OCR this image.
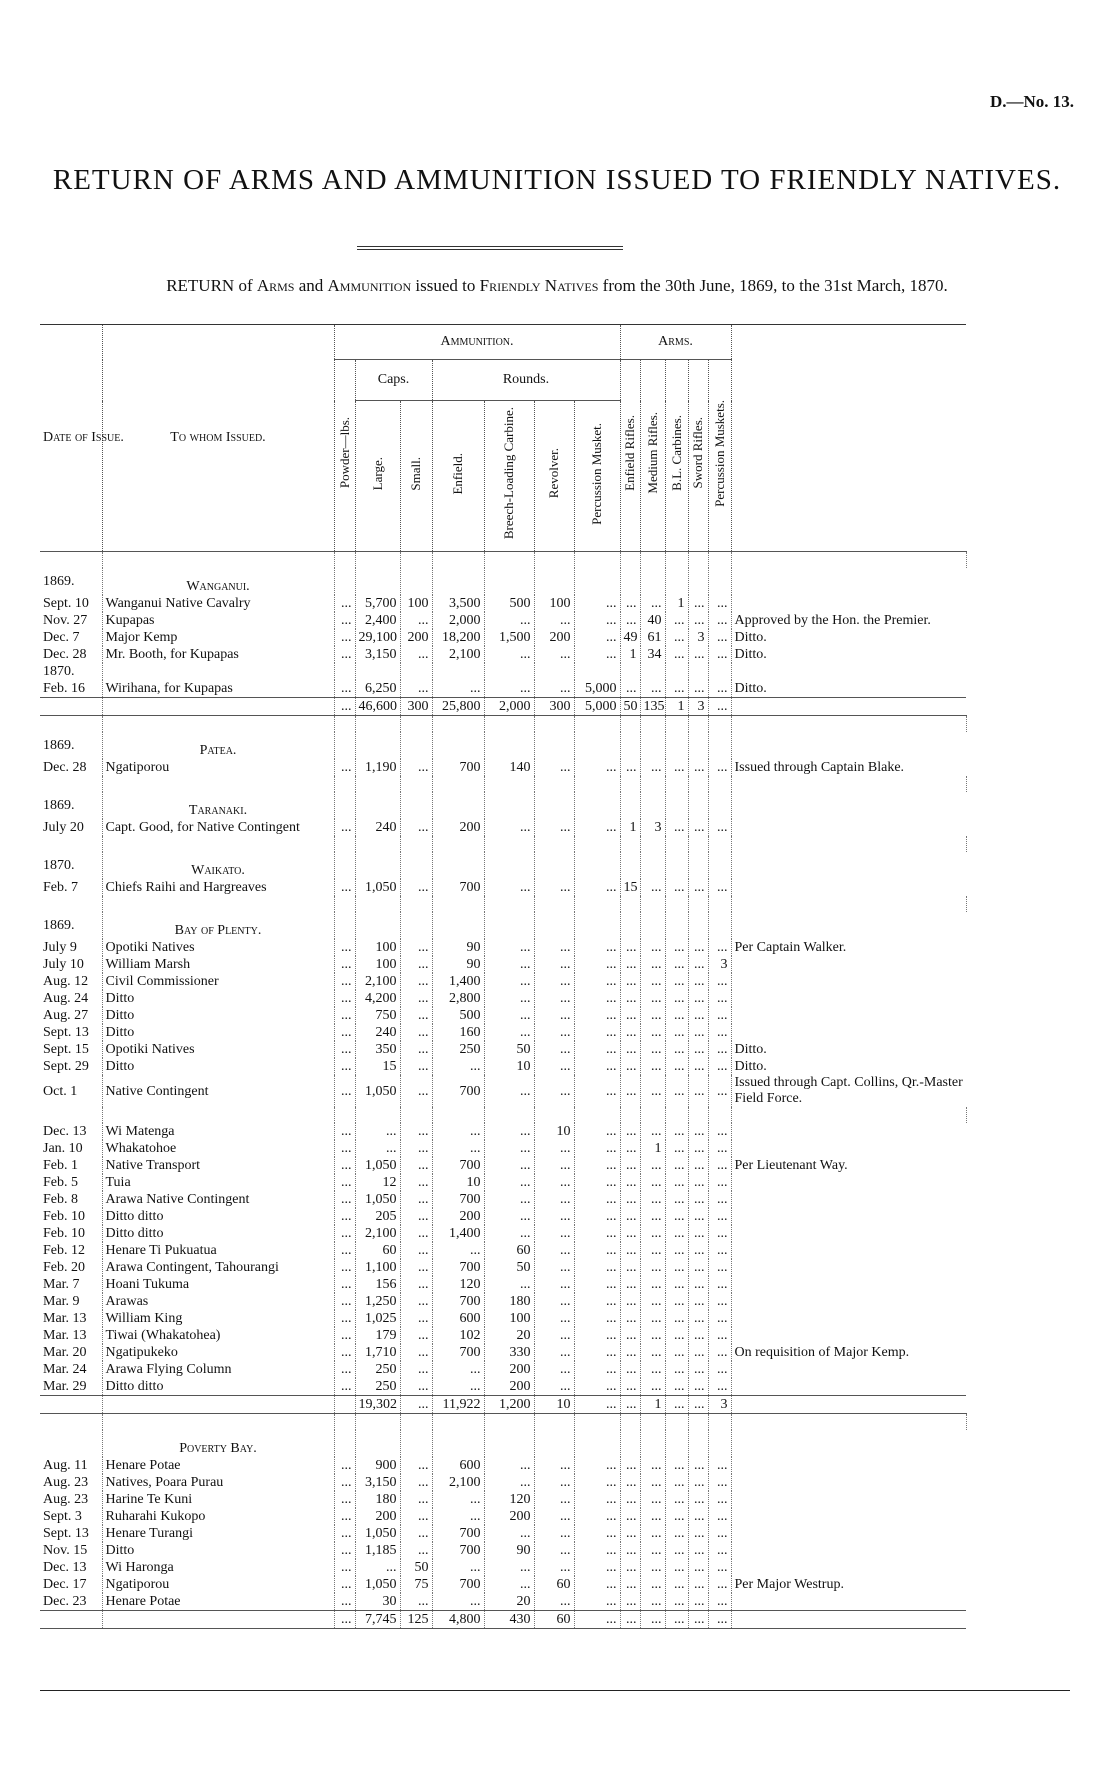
D.—No. 13.
RETURN OF ARMS AND AMMUNITION ISSUED TO FRIENDLY NATIVES.
RETURN of Arms and Ammunition issued to Friendly Natives from the 30th June, 1869, to the 31st March, 1870.
Date of Issue.	To whom Issued.	Ammunition.							Arms.					
		Powder—lbs.	Caps.		Rounds.				Enfield Rifles.	Medium Rifles.	B.L. Carbines.	Sword Rifles.	Percussion Muskets.	
			Large.	Small.	Enfield.	Breech-Loading Carbine.	Revolver.	Percussion Musket.						

1869.	Wanganui.													
Sept. 10	Wanganui Native Cavalry	...	5,700	100	3,500	500	100	...	...	...	1	...	...	
Nov. 27	Kupapas	...	2,400	...	2,000	...	...	...	...	40	...	...	...	Approved by the Hon. the Premier.
Dec. 7	Major Kemp	...	29,100	200	18,200	1,500	200	...	49	61	...	3	...	Ditto.
Dec. 28	Mr. Booth, for Kupapas	...	3,150	...	2,100	...	...	...	1	34	...	...	...	Ditto.
1870.														
Feb. 16	Wirihana, for Kupapas	...	6,250	...	...	...	...	5,000	...	...	...	...	...	Ditto.
		...	46,600	300	25,800	2,000	300	5,000	50	135	1	3	...	

1869.	Patea.													
Dec. 28	Ngatiporou	...	1,190	...	700	140	...	...	...	...	...	...	...	Issued through Captain Blake.

1869.	Taranaki.													
July 20	Capt. Good, for Native Contingent	...	240	...	200	...	...	...	1	3	...	...	...	

1870.	Waikato.													
Feb. 7	Chiefs Raihi and Hargreaves	...	1,050	...	700	...	...	...	15	...	...	...	...	

1869.	Bay of Plenty.													
July 9	Opotiki Natives	...	100	...	90	...	...	...	...	...	...	...	...	Per Captain Walker.
July 10	William Marsh	...	100	...	90	...	...	...	...	...	...	...	3	
Aug. 12	Civil Commissioner	...	2,100	...	1,400	...	...	...	...	...	...	...	...	
Aug. 24	Ditto	...	4,200	...	2,800	...	...	...	...	...	...	...	...	
Aug. 27	Ditto	...	750	...	500	...	...	...	...	...	...	...	...	
Sept. 13	Ditto	...	240	...	160	...	...	...	...	...	...	...	...	
Sept. 15	Opotiki Natives	...	350	...	250	50	...	...	...	...	...	...	...	Ditto.
Sept. 29	Ditto	...	15	...	...	10	...	...	...	...	...	...	...	Ditto.
Oct. 1	Native Contingent	...	1,050	...	700	...	...	...	...	...	...	...	...	Issued through Capt. Collins, Qr.-Master Field Force.

Dec. 13	Wi Matenga	...	...	...	...	...	10	...	...	...	...	...	...	
Jan. 10	Whakatohoe	...	...	...	...	...	...	...	...	1	...	...	...	
Feb. 1	Native Transport	...	1,050	...	700	...	...	...	...	...	...	...	...	Per Lieutenant Way.
Feb. 5	Tuia	...	12	...	10	...	...	...	...	...	...	...	...	
Feb. 8	Arawa Native Contingent	...	1,050	...	700	...	...	...	...	...	...	...	...	
Feb. 10	Ditto ditto	...	205	...	200	...	...	...	...	...	...	...	...	
Feb. 10	Ditto ditto	...	2,100	...	1,400	...	...	...	...	...	...	...	...	
Feb. 12	Henare Ti Pukuatua	...	60	...	...	60	...	...	...	...	...	...	...	
Feb. 20	Arawa Contingent, Tahourangi	...	1,100	...	700	50	...	...	...	...	...	...	...	
Mar. 7	Hoani Tukuma	...	156	...	120	...	...	...	...	...	...	...	...	
Mar. 9	Arawas	...	1,250	...	700	180	...	...	...	...	...	...	...	
Mar. 13	William King	...	1,025	...	600	100	...	...	...	...	...	...	...	
Mar. 13	Tiwai (Whakatohea)	...	179	...	102	20	...	...	...	...	...	...	...	
Mar. 20	Ngatipukeko	...	1,710	...	700	330	...	...	...	...	...	...	...	On requisition of Major Kemp.
Mar. 24	Arawa Flying Column	...	250	...	...	200	...	...	...	...	...	...	...	
Mar. 29	Ditto ditto	...	250	...	...	200	...	...	...	...	...	...	...	
			19,302	...	11,922	1,200	10	...	...	1	...	...	3	

	Poverty Bay.													
Aug. 11	Henare Potae	...	900	...	600	...	...	...	...	...	...	...	...	
Aug. 23	Natives, Poara Purau	...	3,150	...	2,100	...	...	...	...	...	...	...	...	
Aug. 23	Harine Te Kuni	...	180	...	...	120	...	...	...	...	...	...	...	
Sept. 3	Ruharahi Kukopo	...	200	...	...	200	...	...	...	...	...	...	...	
Sept. 13	Henare Turangi	...	1,050	...	700	...	...	...	...	...	...	...	...	
Nov. 15	Ditto	...	1,185	...	700	90	...	...	...	...	...	...	...	
Dec. 13	Wi Haronga	...	...	50	...	...	...	...	...	...	...	...	...	
Dec. 17	Ngatiporou	...	1,050	75	700	...	60	...	...	...	...	...	...	Per Major Westrup.
Dec. 23	Henare Potae	...	30	...	...	20	...	...	...	...	...	...	...	
		...	7,745	125	4,800	430	60	...	...	...	...	...	...	
